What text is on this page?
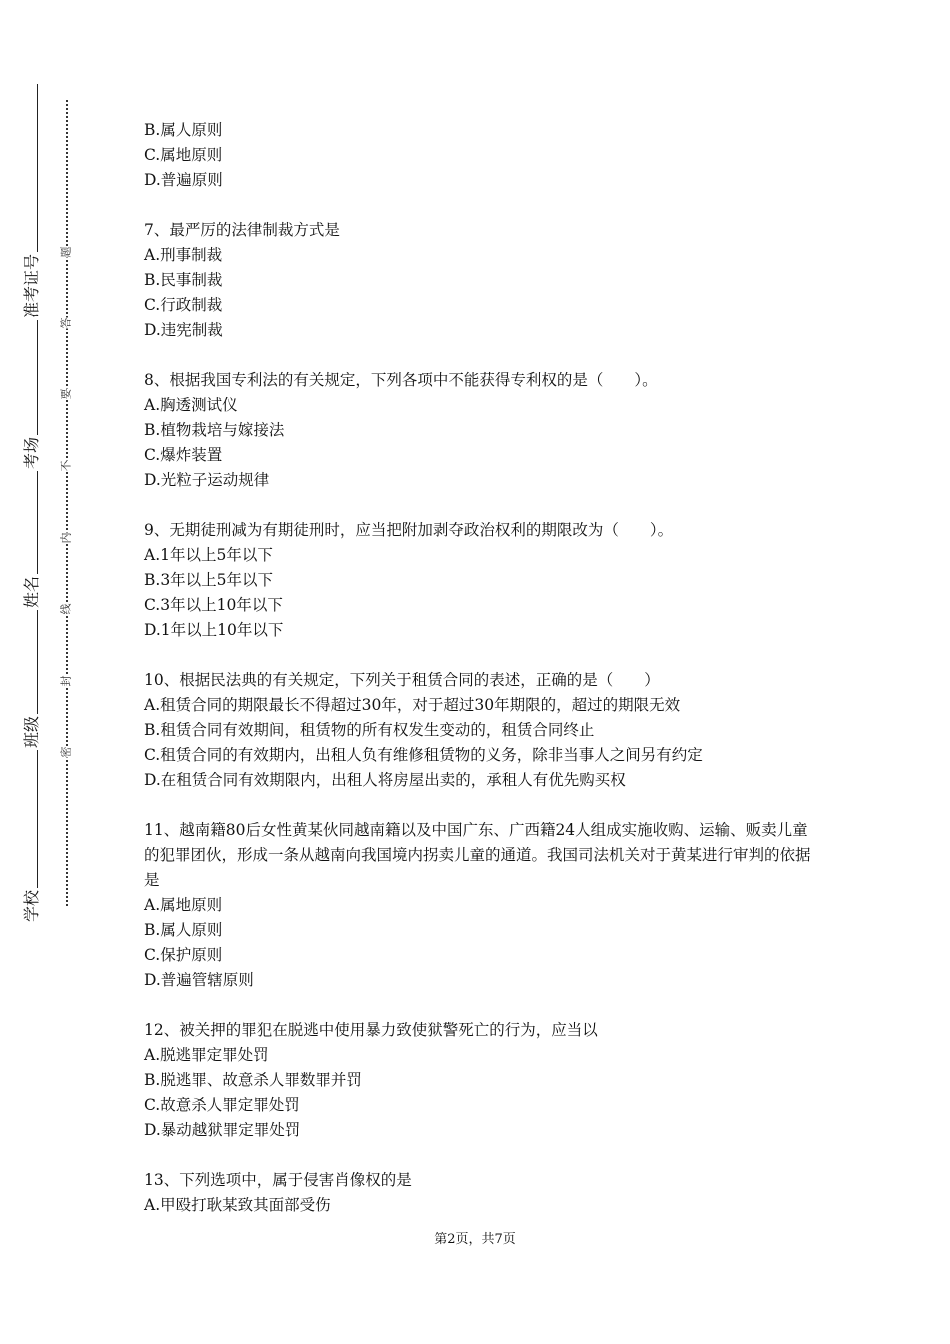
准考证号
考场
姓名
班级
学校
题
答
要
不
内
线
封
密
B.属人原则
C.属地原则
D.普遍原则
7、最严厉的法律制裁方式是
A.刑事制裁
B.民事制裁
C.行政制裁
D.违宪制裁
8、根据我国专利法的有关规定，下列各项中不能获得专利权的是（　　）。
A.胸透测试仪
B.植物栽培与嫁接法
C.爆炸装置
D.光粒子运动规律
9、无期徒刑减为有期徒刑时，应当把附加剥夺政治权利的期限改为（　　）。
A.1年以上5年以下
B.3年以上5年以下
C.3年以上10年以下
D.1年以上10年以下
10、根据民法典的有关规定，下列关于租赁合同的表述，正确的是（　　）
A.租赁合同的期限最长不得超过30年，对于超过30年期限的，超过的期限无效
B.租赁合同有效期间，租赁物的所有权发生变动的，租赁合同终止
C.租赁合同的有效期内，出租人负有维修租赁物的义务，除非当事人之间另有约定
D.在租赁合同有效期限内，出租人将房屋出卖的，承租人有优先购买权
11、越南籍80后女性黄某伙同越南籍以及中国广东、广西籍24人组成实施收购、运输、贩卖儿童的犯罪团伙，形成一条从越南向我国境内拐卖儿童的通道。我国司法机关对于黄某进行审判的依据是
A.属地原则
B.属人原则
C.保护原则
D.普遍管辖原则
12、被关押的罪犯在脱逃中使用暴力致使狱警死亡的行为，应当以
A.脱逃罪定罪处罚
B.脱逃罪、故意杀人罪数罪并罚
C.故意杀人罪定罪处罚
D.暴动越狱罪定罪处罚
13、下列选项中，属于侵害肖像权的是
A.甲殴打耿某致其面部受伤
第2页，共7页
